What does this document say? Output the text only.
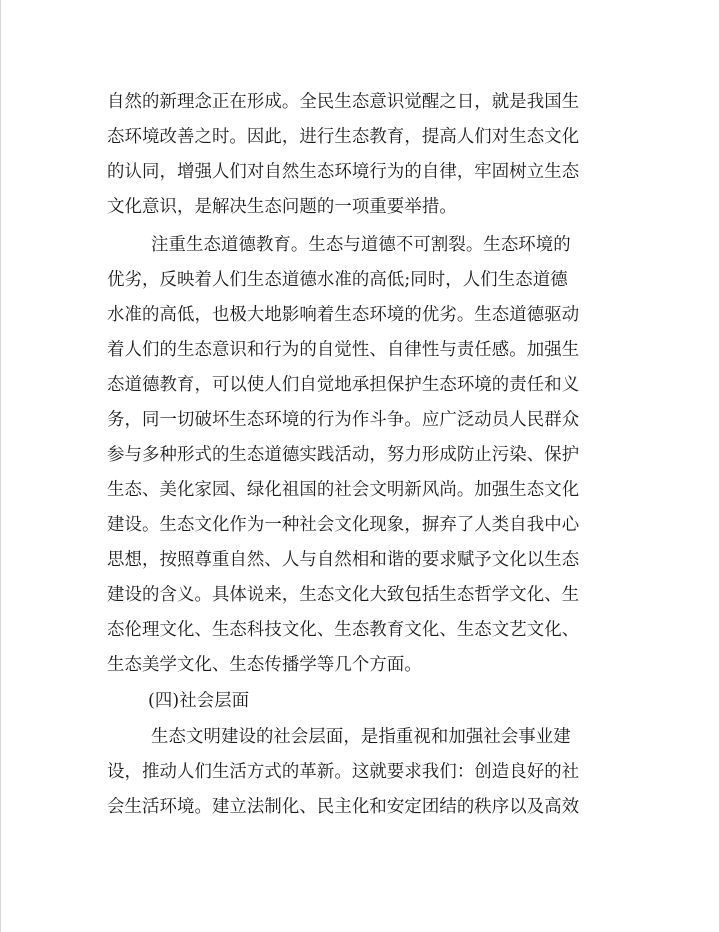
自然的新理念正在形成。全民生态意识觉醒之日，就是我国生
态环境改善之时。因此，进行生态教育，提高人们对生态文化
的认同，增强人们对自然生态环境行为的自律，牢固树立生态
文化意识，是解决生态问题的一项重要举措。
注重生态道德教育。生态与道德不可割裂。生态环境的
优劣，反映着人们生态道德水准的高低;同时，人们生态道德
水准的高低，也极大地影响着生态环境的优劣。生态道德驱动
着人们的生态意识和行为的自觉性、自律性与责任感。加强生
态道德教育，可以使人们自觉地承担保护生态环境的责任和义
务，同一切破坏生态环境的行为作斗争。应广泛动员人民群众
参与多种形式的生态道德实践活动，努力形成防止污染、保护
生态、美化家园、绿化祖国的社会文明新风尚。加强生态文化
建设。生态文化作为一种社会文化现象，摒弃了人类自我中心
思想，按照尊重自然、人与自然相和谐的要求赋予文化以生态
建设的含义。具体说来，生态文化大致包括生态哲学文化、生
态伦理文化、生态科技文化、生态教育文化、生态文艺文化、
生态美学文化、生态传播学等几个方面。
(四)社会层面
生态文明建设的社会层面，是指重视和加强社会事业建
设，推动人们生活方式的革新。这就要求我们：创造良好的社
会生活环境。建立法制化、民主化和安定团结的秩序以及高效
